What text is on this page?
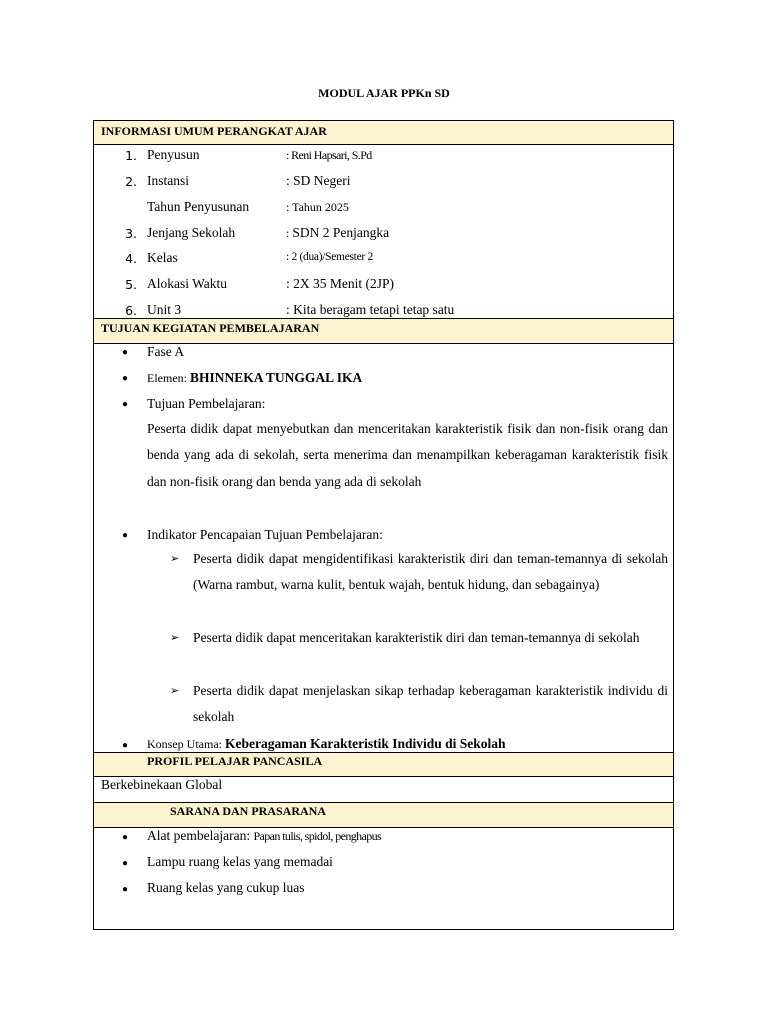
MODUL AJAR PPKn SD
INFORMASI UMUM PERANGKAT AJAR
1. Penyusun	: Reni Hapsari, S.Pd
2. Instansi	: SD Negeri
Tahun Penyusunan	: Tahun 2025
3. Jenjang Sekolah	: SDN 2 Penjangka
4. Kelas	: 2 (dua)/Semester 2
5. Alokasi Waktu	: 2X 35 Menit (2JP)
6. Unit 3	: Kita beragam tetapi tetap satu
TUJUAN KEGIATAN PEMBELAJARAN
● Fase A
● Elemen: BHINNEKA TUNGGAL IKA
● Tujuan Pembelajaran:
Peserta didik dapat menyebutkan dan menceritakan karakteristik fisik dan non-fisik orang dan benda yang ada di sekolah, serta menerima dan menampilkan keberagaman karakteristik fisik dan non-fisik orang dan benda yang ada di sekolah
● Indikator Pencapaian Tujuan Pembelajaran:
➢ Peserta didik dapat mengidentifikasi karakteristik diri dan teman-temannya di sekolah (Warna rambut, warna kulit, bentuk wajah, bentuk hidung, dan sebagainya)
➢ Peserta didik dapat menceritakan karakteristik diri dan teman-temannya di sekolah
➢ Peserta didik dapat menjelaskan sikap terhadap keberagaman karakteristik individu di sekolah
● Konsep Utama: Keberagaman Karakteristik Individu di Sekolah
PROFIL PELAJAR PANCASILA
Berkebinekaan Global
SARANA DAN PRASARANA
● Alat pembelajaran: Papan tulis, spidol, penghapus
● Lampu ruang kelas yang memadai
● Ruang kelas yang cukup luas
